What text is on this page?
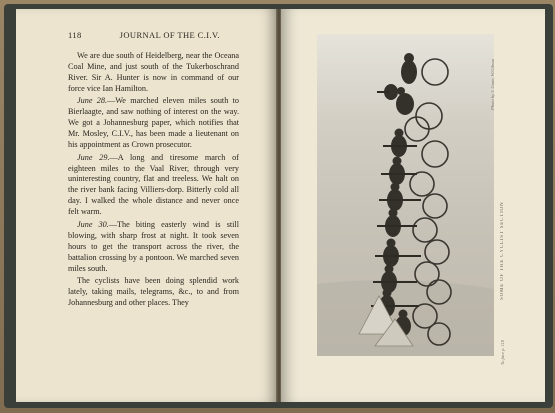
118	JOURNAL OF THE C.I.V.

We are due south of Heidelberg, near the Oceana Coal Mine, and just south of the Tukerboschrand River. Sir A. Hunter is now in command of our force vice Ian Hamilton.

June 28.—We marched eleven miles south to Bierlaagte, and saw nothing of interest on the way. We got a Johannesburg paper, which notifies that Mr. Mosley, C.I.V., has been made a lieutenant on his appointment as Crown prosecutor.

June 29.—A long and tiresome march of eighteen miles to the Vaal River, through very uninteresting country, flat and treeless. We halt on the river bank facing Villiers-dorp. Bitterly cold all day. I walked the whole distance and never once felt warm.

June 30.—The biting easterly wind is still blowing, with sharp frost at night. It took seven hours to get the transport across the river, the battalion crossing by a pontoon. We marched seven miles south.

The cyclists have been doing splendid work lately, taking mails, telegrams, &c., to and from Johannesburg and other places. They

SOME OF THE CYCLIST SECTION
Photo by J. Gunn, W.Gibson
To face p. 118
